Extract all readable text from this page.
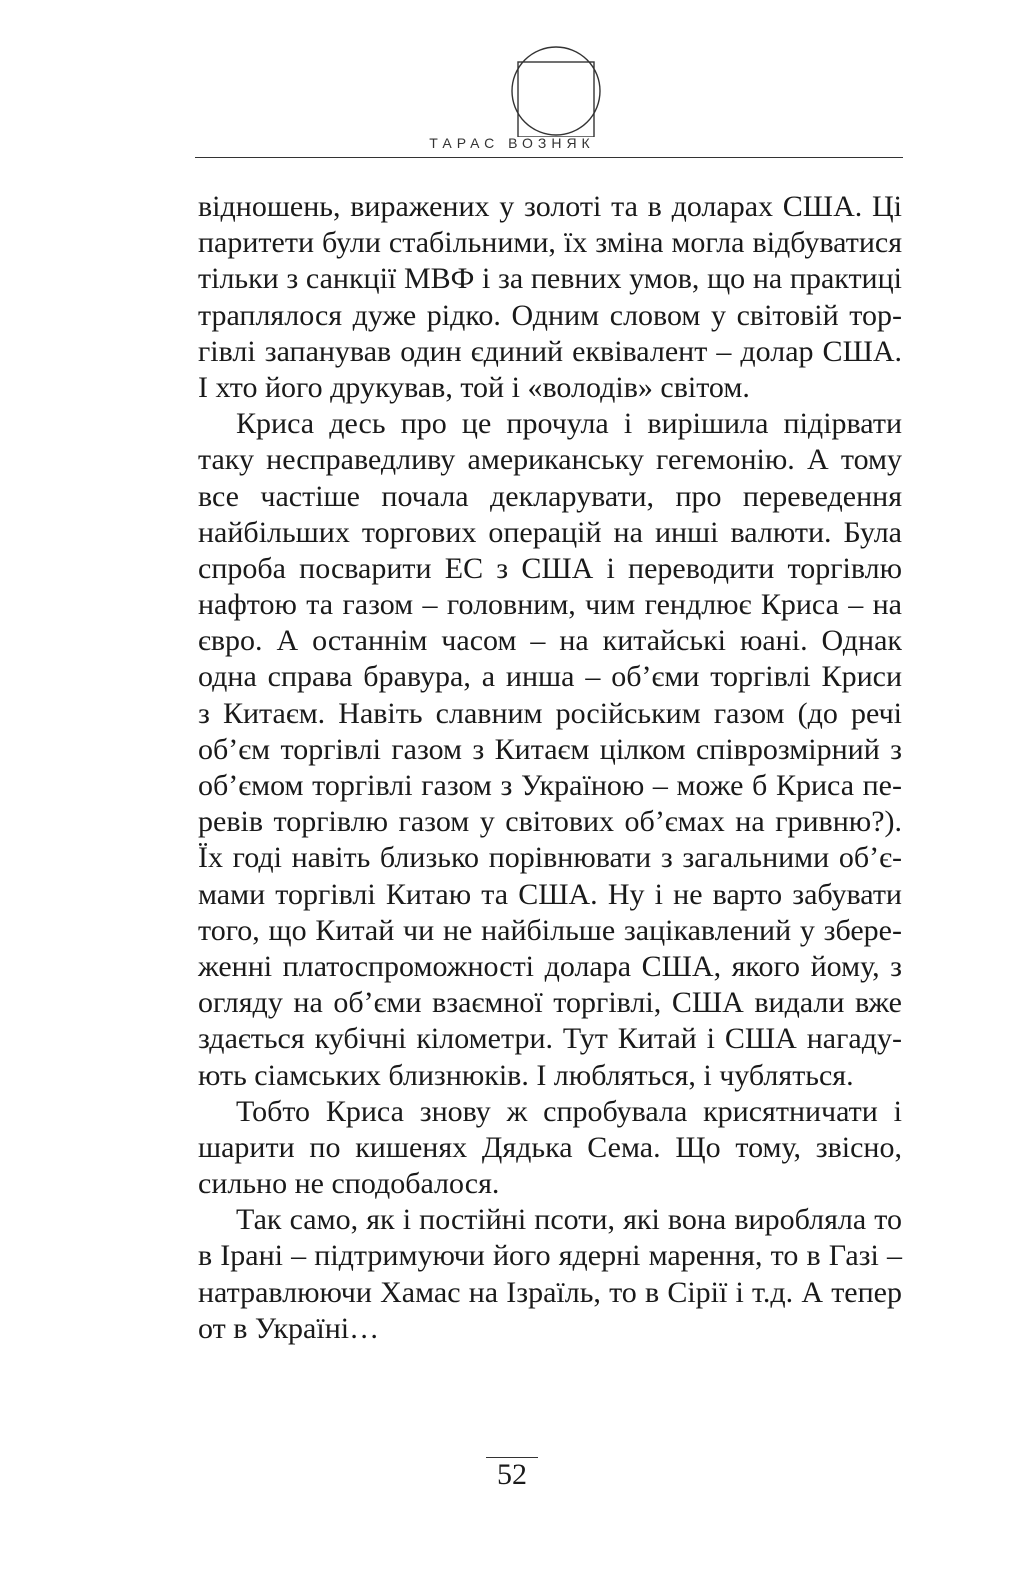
ТАРАС ВОЗНЯК
відношень, виражених у золоті та в доларах США. Ці
паритети були стабільними, їх зміна могла відбуватися
тільки з санкції МВФ і за певних умов, що на практиці
траплялося дуже рідко. Одним словом у світовій тор-
гівлі запанував один єдиний еквівалент – долар США.
І хто його друкував, той і «володів» світом.
Криса десь про це прочула і вирішила підірвати
таку несправедливу американську гегемонію. А тому
все частіше почала декларувати, про переведення
найбільших торгових операцій на инші валюти. Була
спроба посварити ЕС з США і переводити торгівлю
нафтою та газом – головним, чим гендлює Криса – на
євро. А останнім часом – на китайські юані. Однак
одна справа бравура, а инша – об’єми торгівлі Криси
з Китаєм. Навіть славним російським газом (до речі
об’єм торгівлі газом з Китаєм цілком співрозмірний з
об’ємом торгівлі газом з Україною – може б Криса пе-
ревів торгівлю газом у світових об’ємах на гривню?).
Їх годі навіть близько порівнювати з загальними об’є-
мами торгівлі Китаю та США. Ну і не варто забувати
того, що Китай чи не найбільше зацікавлений у збере-
женні платоспроможності долара США, якого йому, з
огляду на об’єми взаємної торгівлі, США видали вже
здається кубічні кілометри. Тут Китай і США нагаду-
ють сіамських близнюків. І люблятьcя, і чубляться.
Тобто Криса знову ж спробувала крисятничати і
шарити по кишенях Дядька Сема. Що тому, звісно,
сильно не сподобалося.
Так само, як і постійні псоти, які вона виробляла то
в Ірані – підтримуючи його ядерні марення, то в Газі –
натравлюючи Хамас на Ізраїль, то в Сірії і т.д. А тепер
от в Україні…
52
